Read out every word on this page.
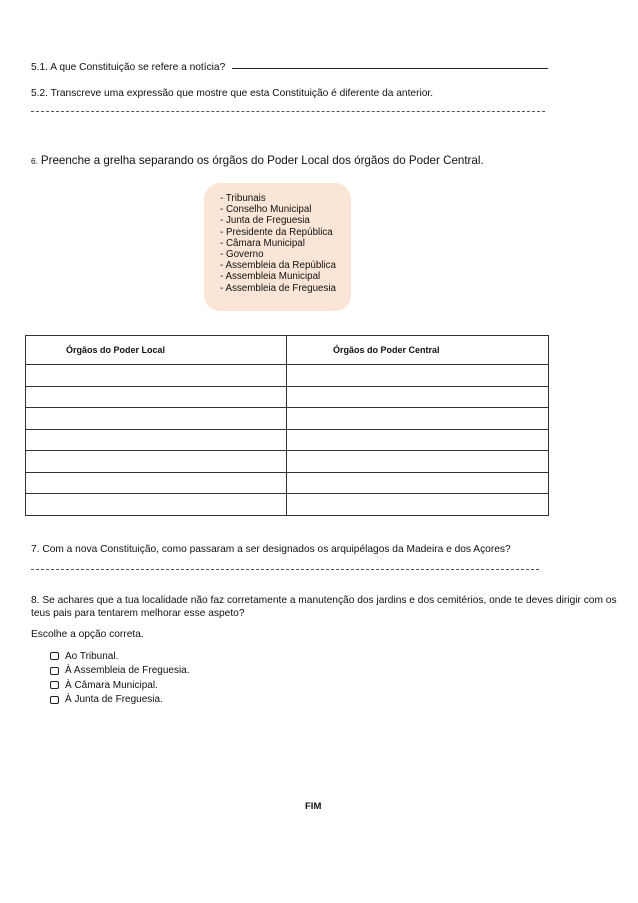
5.1. A que Constituição se refere a notícia?
5.2. Transcreve uma expressão que mostre que esta Constituição é diferente da anterior.
6. Preenche a grelha separando os órgãos do Poder Local dos órgãos do Poder Central.
- Tribunais
- Conselho Municipal
- Junta de Freguesia
- Presidente da República
- Câmara Municipal
- Governo
- Assembleia da República
- Assembleia Municipal
- Assembleia de Freguesia
Órgãos do Poder Local	Órgãos do Poder Central

7. Com a nova Constituição, como passaram a ser designados os arquipélagos da Madeira e dos Açores?
8. Se achares que a tua localidade não faz corretamente a manutenção dos jardins e dos cemitérios, onde te deves dirigir com os
teus pais para tentarem melhorar esse aspeto?
Escolhe a opção correta.
Ao Tribunal.
À Assembleia de Freguesia.
À Câmara Municipal.
À Junta de Freguesia.
FIM
